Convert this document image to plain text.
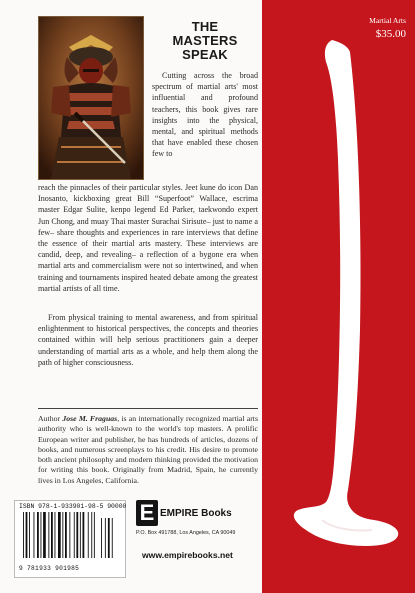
THE
MASTERS
SPEAK
Cutting across the broad spectrum of martial arts' most influential and profound teachers, this book gives rare insights into the physical, mental, and spiritual methods that have enabled these chosen few to
reach the pinnacles of their particular styles. Jeet kune do icon Dan Inosanto, kickboxing great Bill “Superfoot” Wallace, escrima master Edgar Sulite, kenpo legend Ed Parker, taekwondo expert Jun Chong, and muay Thai master Surachai Sirisute– just to name a few– share thoughts and experiences in rare interviews that define the essence of their martial arts mastery. These interviews are candid, deep, and revealing– a reflection of a bygone era when martial arts and commercialism were not so intertwined, and when training and tournaments inspired heated debate among the greatest martial artists of all time.
From physical training to mental awareness, and from spiritual enlightenment to historical perspectives, the concepts and theories contained within will help serious practitioners gain a deeper understanding of martial arts as a whole, and help them along the path of higher consciousness.
Author Jose M. Fraguas, is an internationally recognized martial arts authority who is well-known to the world's top masters. A prolific European writer and publisher, he has hundreds of articles, dozens of books, and numerous screenplays to his credit. His desire to promote both ancient philosophy and modern thinking provided the motivation for writing this book. Originally from Madrid, Spain, he currently lives in Los Angeles, California.
ISBN 978-1-933901-98-5 90000
9 781933 901985
E EMPIRE Books
P.O. Box 491788, Los Angeles, CA 90049
www.empirebooks.net
Martial Arts
$35.00
